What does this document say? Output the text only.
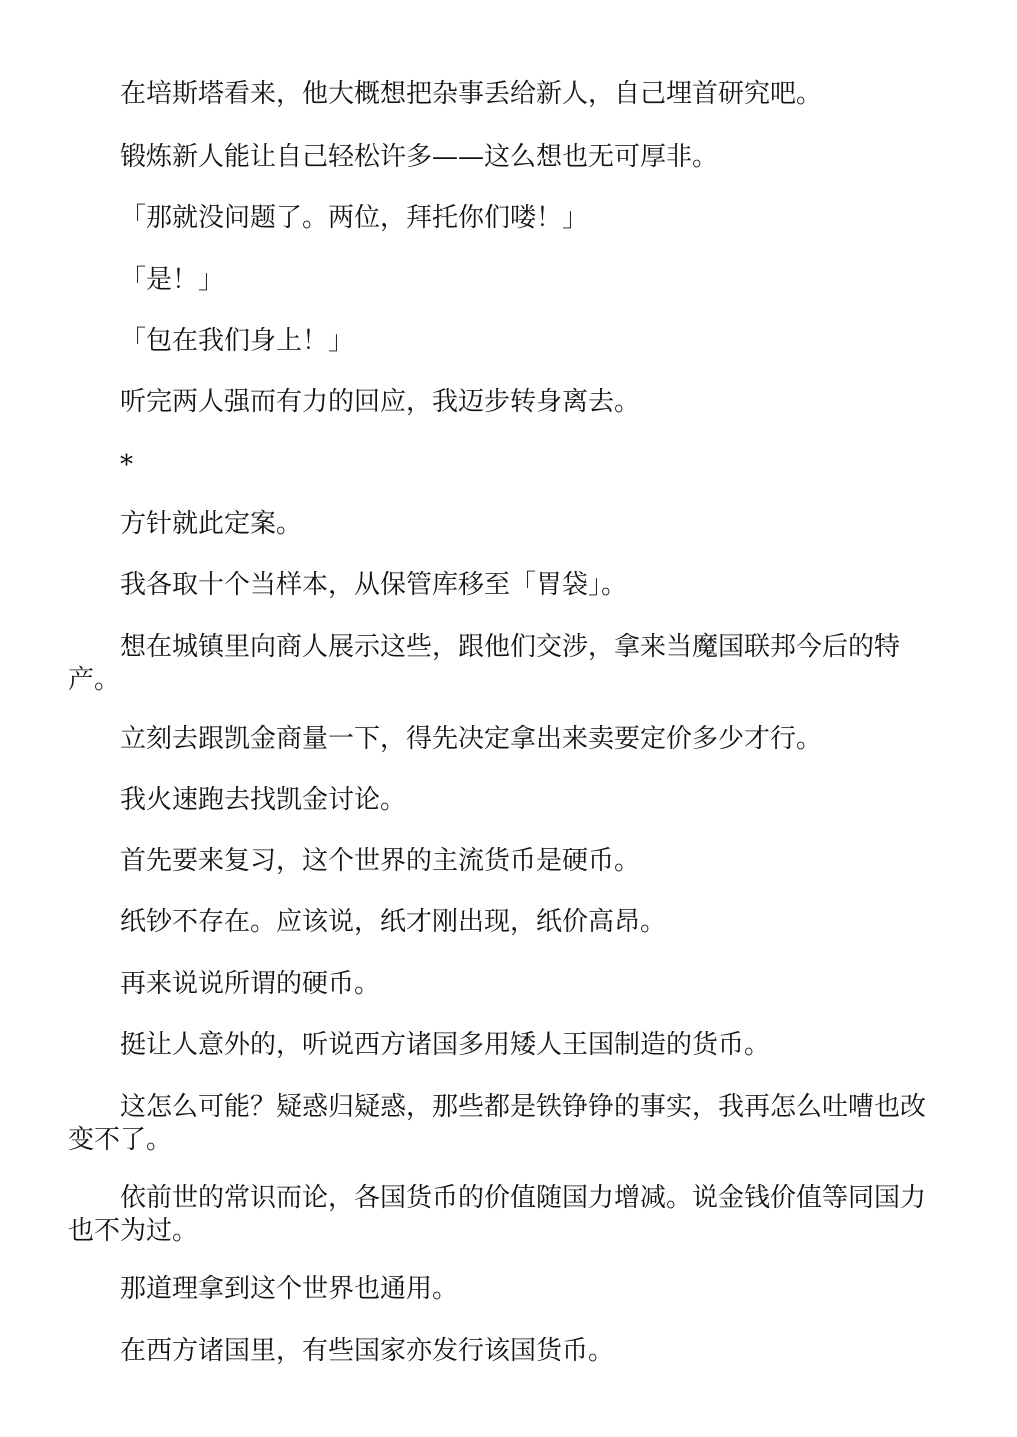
在培斯塔看来，他大概想把杂事丢给新人，自己埋首研究吧。

锻炼新人能让自己轻松许多——这么想也无可厚非。

「那就没问题了。两位，拜托你们喽！」

「是！」

「包在我们身上！」

听完两人强而有力的回应，我迈步转身离去。

*

方针就此定案。

我各取十个当样本，从保管库移至「胃袋」。

想在城镇里向商人展示这些，跟他们交涉，拿来当魔国联邦今后的特产。

立刻去跟凯金商量一下，得先决定拿出来卖要定价多少才行。

我火速跑去找凯金讨论。

首先要来复习，这个世界的主流货币是硬币。

纸钞不存在。应该说，纸才刚出现，纸价高昂。

再来说说所谓的硬币。

挺让人意外的，听说西方诸国多用矮人王国制造的货币。

这怎么可能？疑惑归疑惑，那些都是铁铮铮的事实，我再怎么吐嘈也改变不了。

依前世的常识而论，各国货币的价值随国力增减。说金钱价值等同国力也不为过。

那道理拿到这个世界也通用。

在西方诸国里，有些国家亦发行该国货币。
